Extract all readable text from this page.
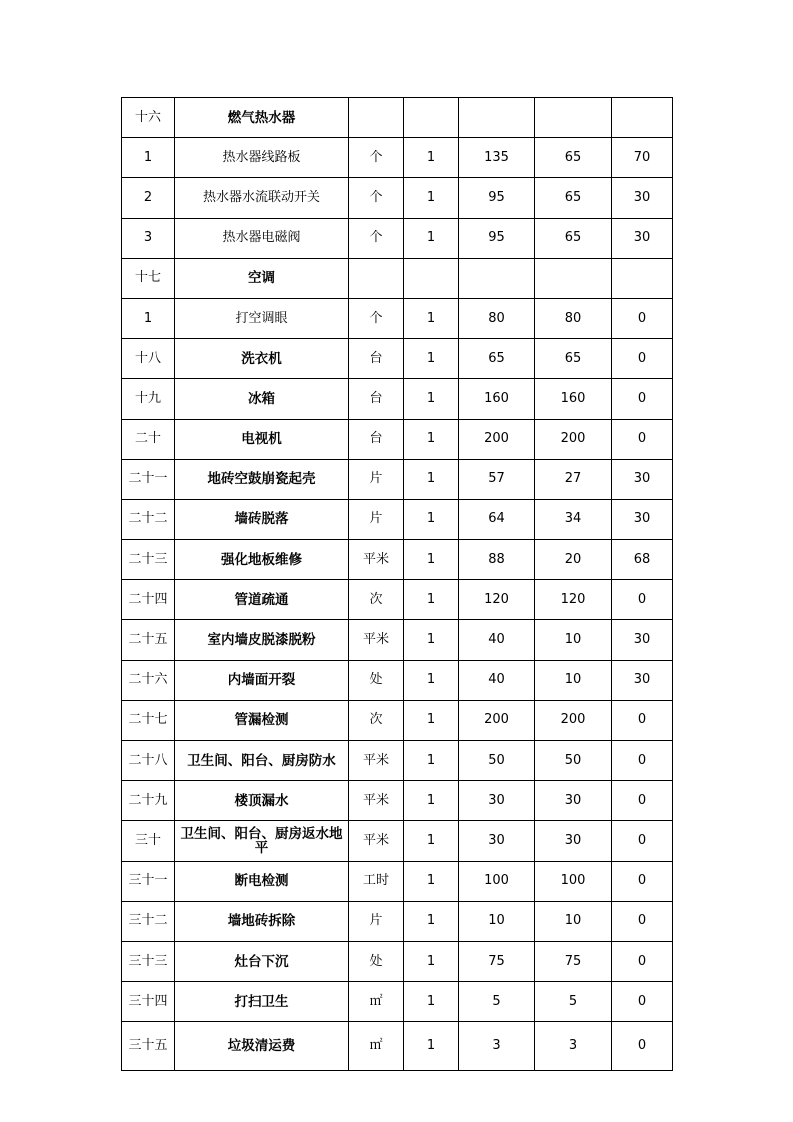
十六	燃气热水器					
1	热水器线路板	个	1	135	65	70
2	热水器水流联动开关	个	1	95	65	30
3	热水器电磁阀	个	1	95	65	30
十七	空调					
1	打空调眼	个	1	80	80	0
十八	洗衣机	台	1	65	65	0
十九	冰箱	台	1	160	160	0
二十	电视机	台	1	200	200	0
二十一	地砖空鼓崩瓷起壳	片	1	57	27	30
二十二	墙砖脱落	片	1	64	34	30
二十三	强化地板维修	平米	1	88	20	68
二十四	管道疏通	次	1	120	120	0
二十五	室内墙皮脱漆脱粉	平米	1	40	10	30
二十六	内墙面开裂	处	1	40	10	30
二十七	管漏检测	次	1	200	200	0
二十八	卫生间、阳台、厨房防水	平米	1	50	50	0
二十九	楼顶漏水	平米	1	30	30	0
三十	卫生间、阳台、厨房返水地平	平米	1	30	30	0
三十一	断电检测	工时	1	100	100	0
三十二	墙地砖拆除	片	1	10	10	0
三十三	灶台下沉	处	1	75	75	0
三十四	打扫卫生	㎡	1	5	5	0
三十五	垃圾清运费	㎡	1	3	3	0
